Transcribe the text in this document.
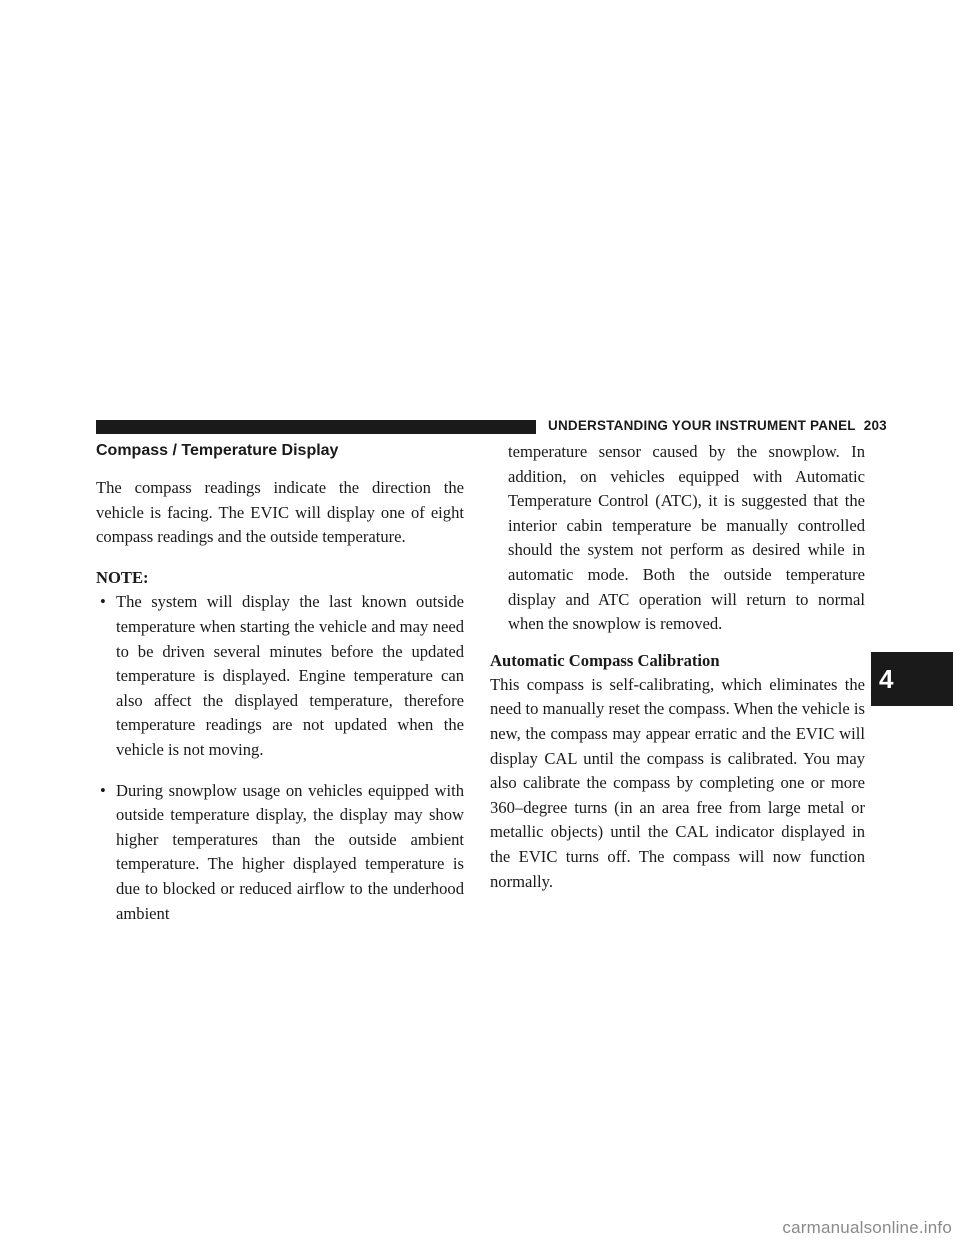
UNDERSTANDING YOUR INSTRUMENT PANEL 203
Compass / Temperature Display

The compass readings indicate the direction the vehicle is facing. The EVIC will display one of eight compass readings and the outside temperature.

NOTE:
• The system will display the last known outside temperature when starting the vehicle and may need to be driven several minutes before the updated temperature is displayed. Engine temperature can also affect the displayed temperature, therefore temperature readings are not updated when the vehicle is not moving.
• During snowplow usage on vehicles equipped with outside temperature display, the display may show higher temperatures than the outside ambient temperature. The higher displayed temperature is due to blocked or reduced airflow to the underhood ambient

temperature sensor caused by the snowplow. In addition, on vehicles equipped with Automatic Temperature Control (ATC), it is suggested that the interior cabin temperature be manually controlled should the system not perform as desired while in automatic mode. Both the outside temperature display and ATC operation will return to normal when the snowplow is removed.

Automatic Compass Calibration

This compass is self-calibrating, which eliminates the need to manually reset the compass. When the vehicle is new, the compass may appear erratic and the EVIC will display CAL until the compass is calibrated. You may also calibrate the compass by completing one or more 360–degree turns (in an area free from large metal or metallic objects) until the CAL indicator displayed in the EVIC turns off. The compass will now function normally.

4
carmanualsonline.info
